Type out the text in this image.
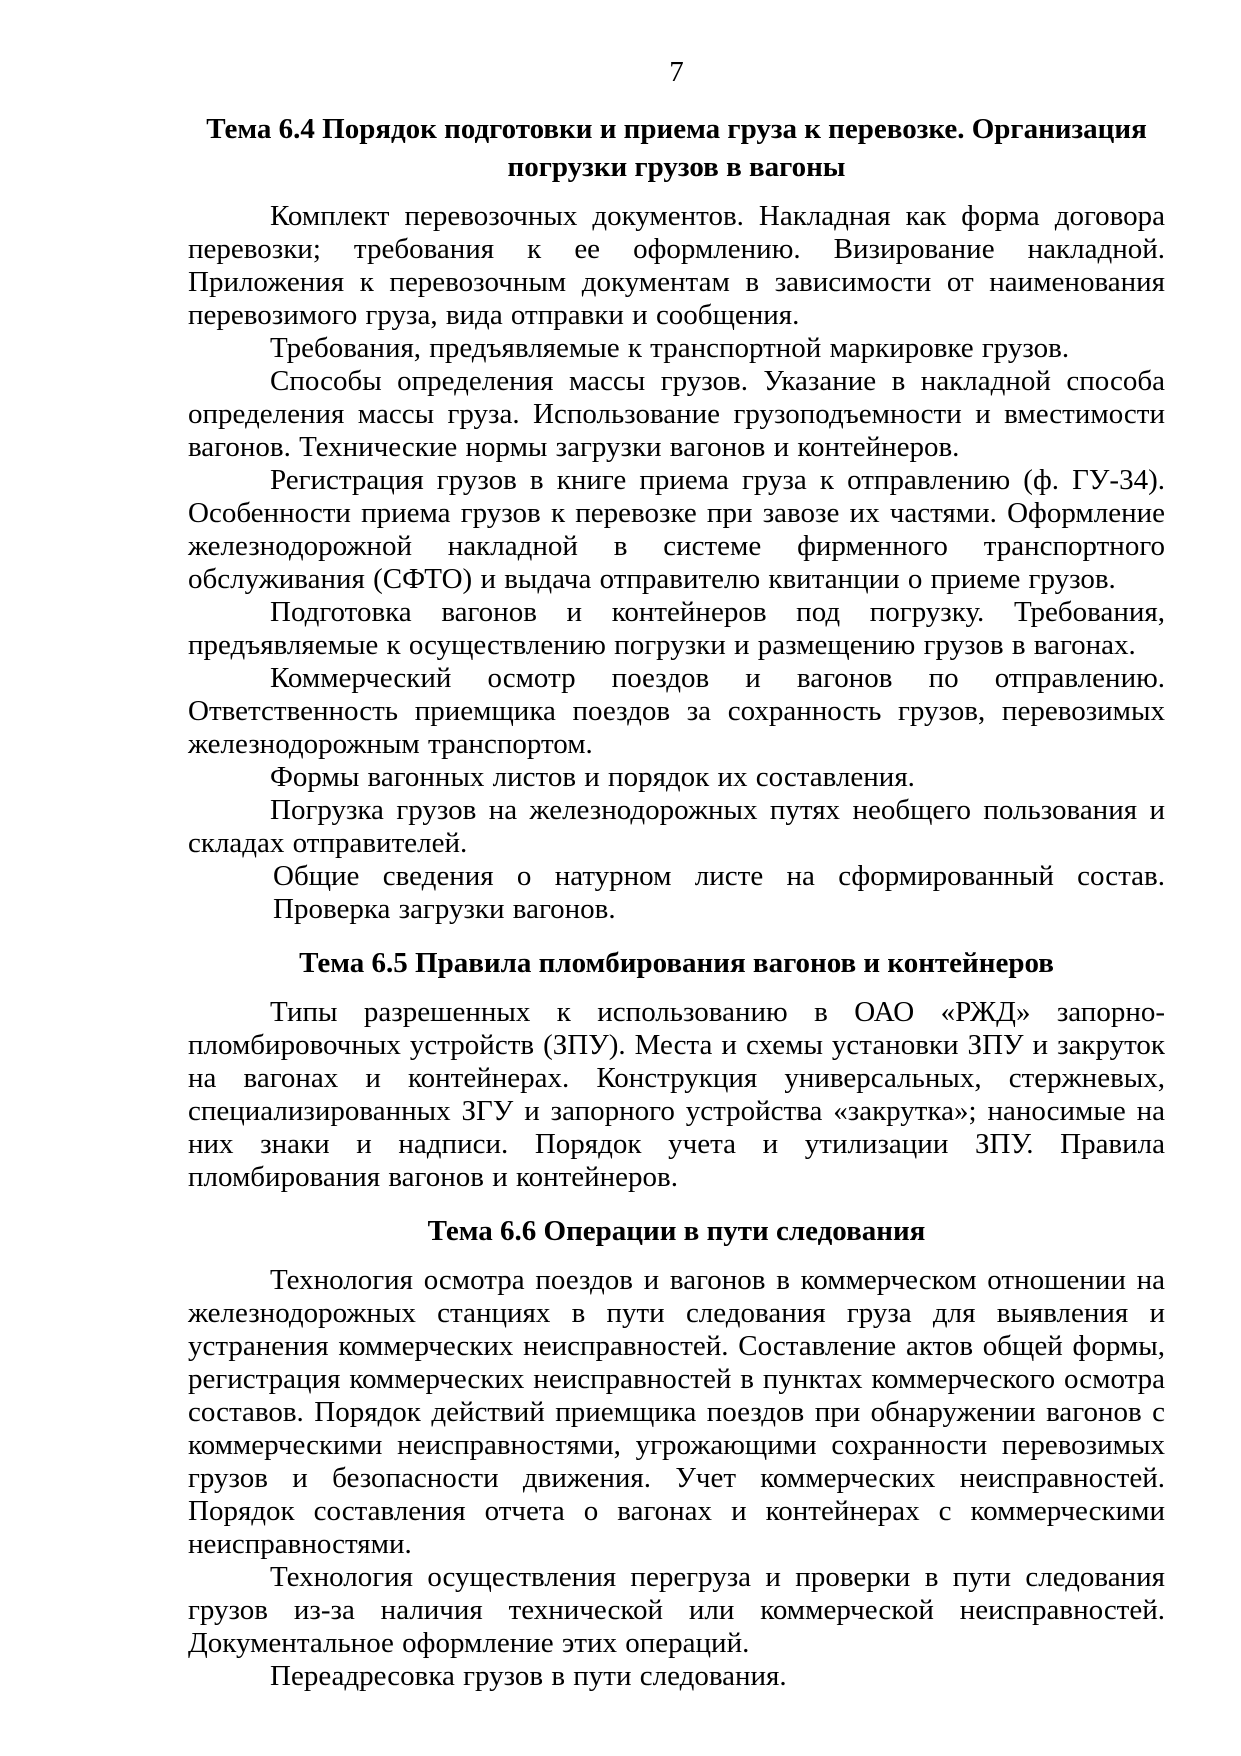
7
Тема 6.4 Порядок подготовки и приема груза к перевозке. Организация погрузки грузов в вагоны

Комплект перевозочных документов. Накладная как форма договора перевозки; требования к ее оформлению. Визирование накладной. Приложения к перевозочным документам в зависимости от наименования перевозимого груза, вида отправки и сообщения.

Требования, предъявляемые к транспортной маркировке грузов.

Способы определения массы грузов. Указание в накладной способа определения массы груза. Использование грузоподъемности и вместимости вагонов. Технические нормы загрузки вагонов и контейнеров.

Регистрация грузов в книге приема груза к отправлению (ф. ГУ-34). Особенности приема грузов к перевозке при завозе их частями. Оформление железнодорожной накладной в системе фирменного транспортного обслуживания (СФТО) и выдача отправителю квитанции о приеме грузов.

Подготовка вагонов и контейнеров под погрузку. Требования, предъявляемые к осуществлению погрузки и размещению грузов в вагонах.

Коммерческий осмотр поездов и вагонов по отправлению. Ответственность приемщика поездов за сохранность грузов, перевозимых железнодорожным транспортом.

Формы вагонных листов и порядок их составления.

Погрузка грузов на железнодорожных путях необщего пользования и складах отправителей.

Общие сведения о натурном листе на сформированный состав. Проверка загрузки вагонов.

Тема 6.5 Правила пломбирования вагонов и контейнеров

Типы разрешенных к использованию в ОАО «РЖД» запорно-пломбировочных устройств (ЗПУ). Места и схемы установки ЗПУ и закруток на вагонах и контейнерах. Конструкция универсальных, стержневых, специализированных ЗГУ и запорного устройства «закрутка»; наносимые на них знаки и надписи. Порядок учета и утилизации ЗПУ. Правила пломбирования вагонов и контейнеров.

Тема 6.6 Операции в пути следования

Технология осмотра поездов и вагонов в коммерческом отношении на железнодорожных станциях в пути следования груза для выявления и устранения коммерческих неисправностей. Составление актов общей формы, регистрация коммерческих неисправностей в пунктах коммерческого осмотра составов. Порядок действий приемщика поездов при обнаружении вагонов с коммерческими неисправностями, угрожающими сохранности перевозимых грузов и безопасности движения. Учет коммерческих неисправностей. Порядок составления отчета о вагонах и контейнерах с коммерческими неисправностями.

Технология осуществления перегруза и проверки в пути следования грузов из-за наличия технической или коммерческой неисправностей. Документальное оформление этих операций.

Переадресовка грузов в пути следования.
